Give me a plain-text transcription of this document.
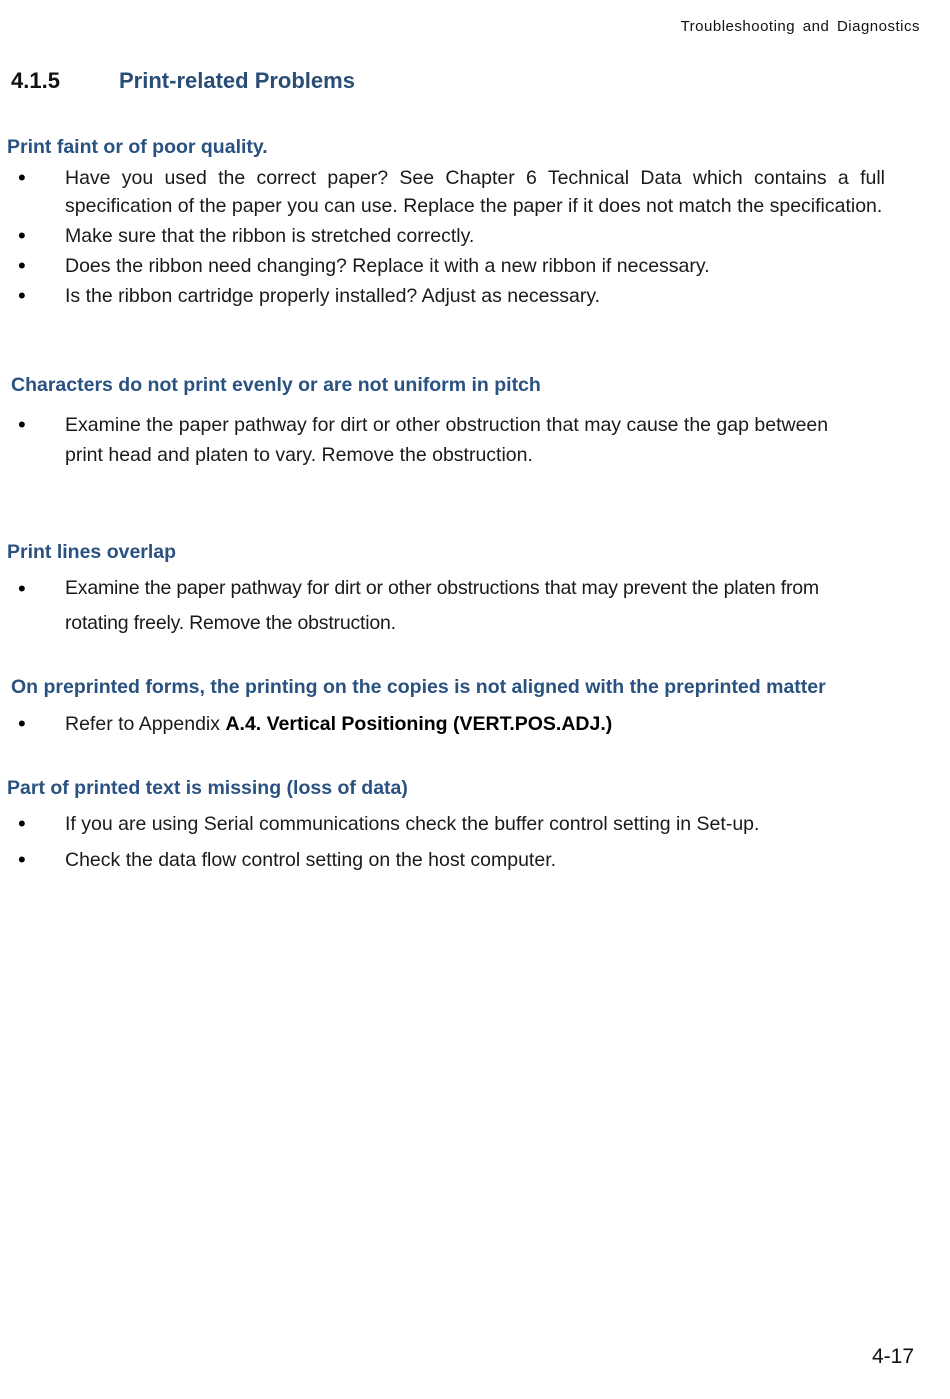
Troubleshooting and Diagnostics
4.1.5	Print-related Problems
Print faint or of poor quality.
• Have you used the correct paper? See Chapter 6 Technical Data which contains a full specification of the paper you can use. Replace the paper if it does not match the specification.
• Make sure that the ribbon is stretched correctly.
• Does the ribbon need changing? Replace it with a new ribbon if necessary.
• Is the ribbon cartridge properly installed? Adjust as necessary.
Characters do not print evenly or are not uniform in pitch
• Examine the paper pathway for dirt or other obstruction that may cause the gap between print head and platen to vary. Remove the obstruction.
Print lines overlap
• Examine the paper pathway for dirt or other obstructions that may prevent the platen from rotating freely. Remove the obstruction.
On preprinted forms, the printing on the copies is not aligned with the preprinted matter
• Refer to Appendix A.4. Vertical Positioning (VERT.POS.ADJ.)
Part of printed text is missing (loss of data)
• If you are using Serial communications check the buffer control setting in Set-up.
• Check the data flow control setting on the host computer.
4-17
